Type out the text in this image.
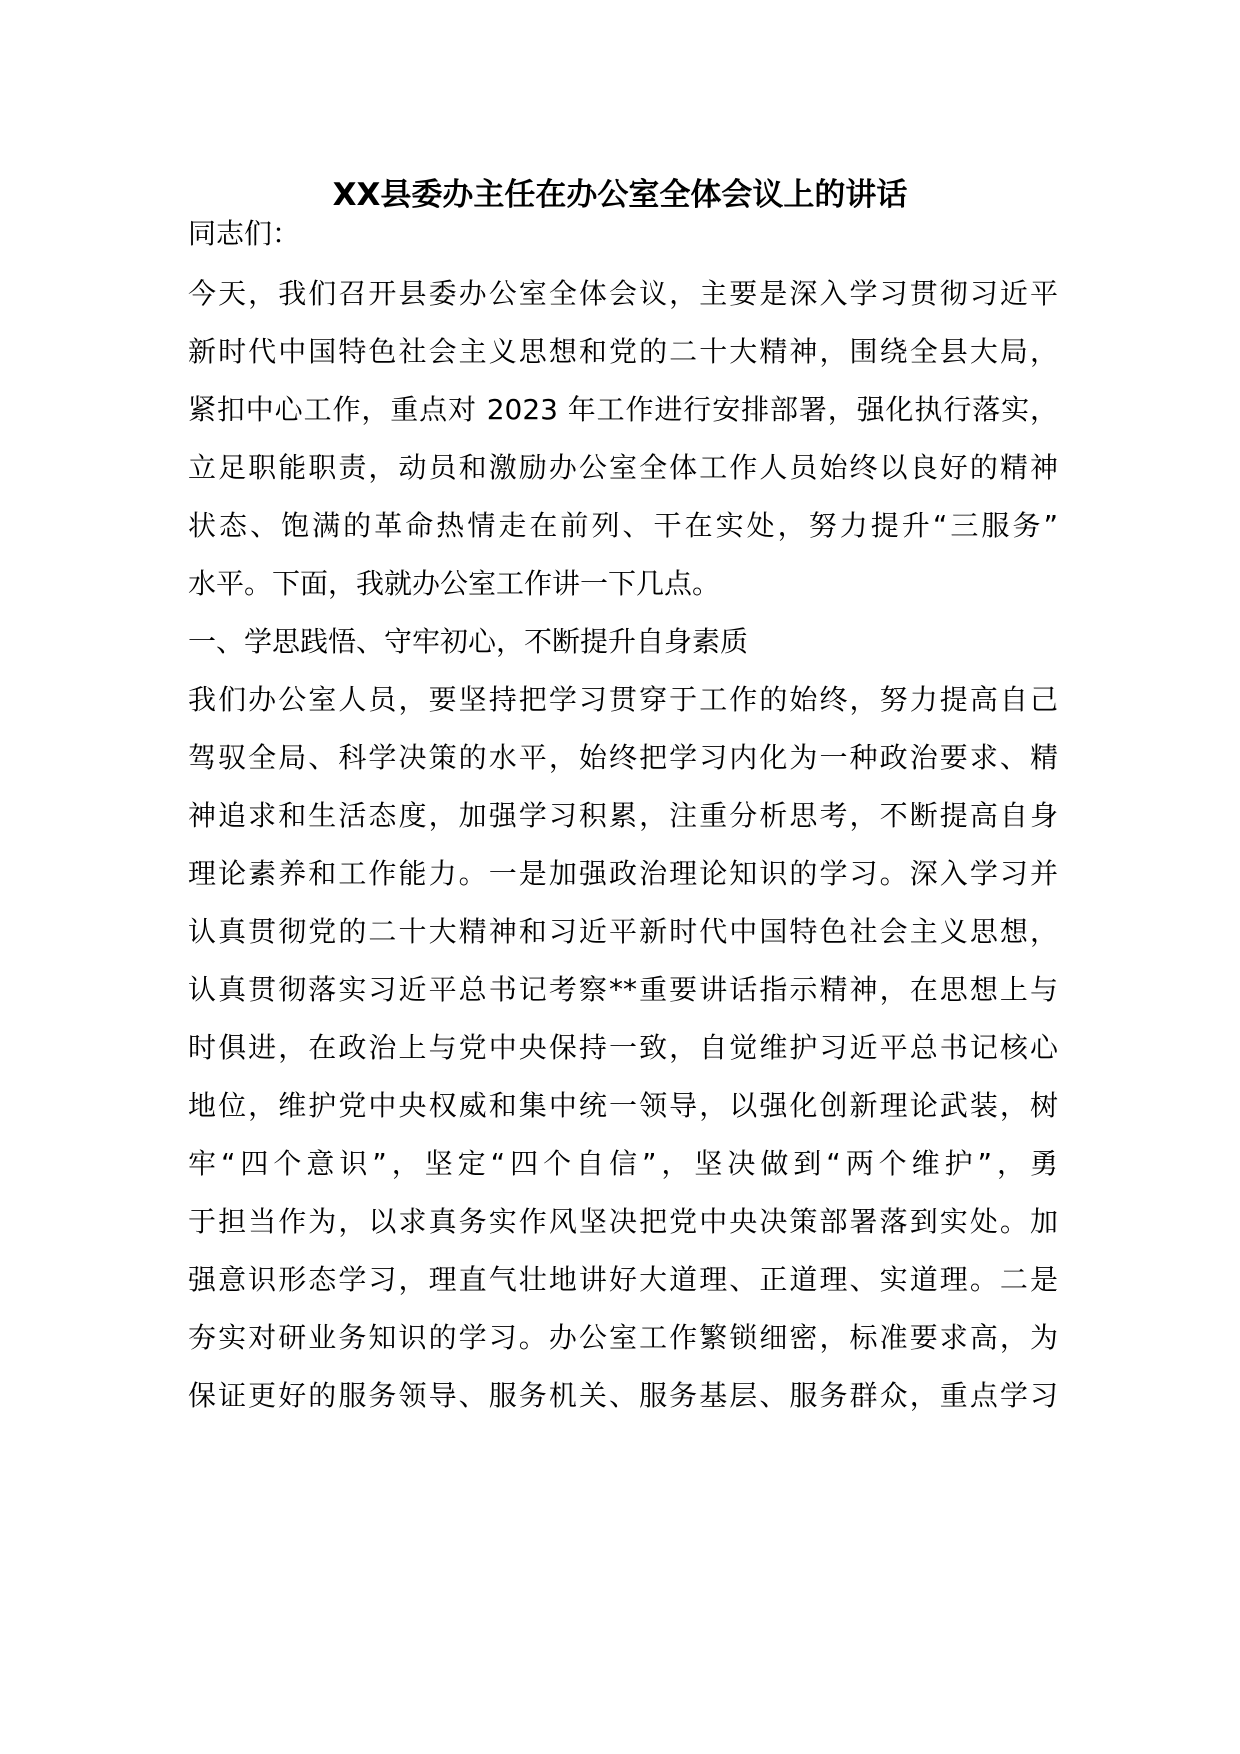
XX县委办主任在办公室全体会议上的讲话

同志们：

今天，我们召开县委办公室全体会议，主要是深入学习贯彻习近平

新时代中国特色社会主义思想和党的二十大精神，围绕全县大局，

紧扣中心工作，重点对 2023 年工作进行安排部署，强化执行落实，

立足职能职责，动员和激励办公室全体工作人员始终以良好的精神

状态、饱满的革命热情走在前列、干在实处，努力提升“三服务”

水平。下面，我就办公室工作讲一下几点。

一、学思践悟、守牢初心，不断提升自身素质

我们办公室人员，要坚持把学习贯穿于工作的始终，努力提高自己

驾驭全局、科学决策的水平，始终把学习内化为一种政治要求、精

神追求和生活态度，加强学习积累，注重分析思考，不断提高自身

理论素养和工作能力。一是加强政治理论知识的学习。深入学习并

认真贯彻党的二十大精神和习近平新时代中国特色社会主义思想，

认真贯彻落实习近平总书记考察**重要讲话指示精神，在思想上与

时俱进，在政治上与党中央保持一致，自觉维护习近平总书记核心

地位，维护党中央权威和集中统一领导，以强化创新理论武装，树

牢“四个意识”，坚定“四个自信”，坚决做到“两个维护”，勇

于担当作为，以求真务实作风坚决把党中央决策部署落到实处。加

强意识形态学习，理直气壮地讲好大道理、正道理、实道理。二是

夯实对研业务知识的学习。办公室工作繁锁细密，标准要求高，为

保证更好的服务领导、服务机关、服务基层、服务群众，重点学习
